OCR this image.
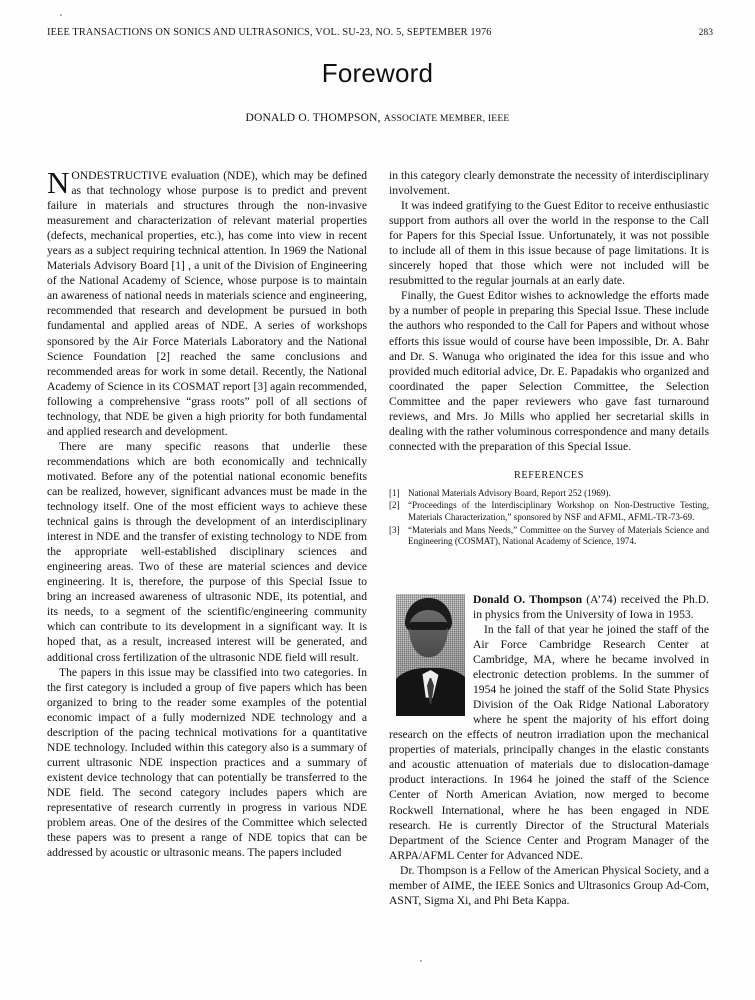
IEEE TRANSACTIONS ON SONICS AND ULTRASONICS, VOL. SU-23, NO. 5, SEPTEMBER 1976	283
Foreword
DONALD O. THOMPSON, ASSOCIATE MEMBER, IEEE

NONDESTRUCTIVE evaluation (NDE), which may be defined as that technology whose purpose is to predict and prevent failure in materials and structures through the non-invasive measurement and characterization of relevant material properties (defects, mechanical properties, etc.), has come into view in recent years as a subject requiring technical attention. In 1969 the National Materials Advisory Board [1] , a unit of the Division of Engineering of the National Academy of Science, whose purpose is to maintain an awareness of national needs in materials science and engineering, recommended that research and development be pursued in both fundamental and applied areas of NDE. A series of workshops sponsored by the Air Force Materials Laboratory and the National Science Foundation [2] reached the same conclusions and recommended areas for work in some detail. Recently, the National Academy of Science in its COSMAT report [3] again recommended, following a comprehensive “grass roots” poll of all sections of technology, that NDE be given a high priority for both fundamental and applied research and development.

There are many specific reasons that underlie these recommendations which are both economically and technically motivated. Before any of the potential national economic benefits can be realized, however, significant advances must be made in the technology itself. One of the most efficient ways to achieve these technical gains is through the development of an interdisciplinary interest in NDE and the transfer of existing technology to NDE from the appropriate well-established disciplinary sciences and engineering areas. Two of these are material sciences and device engineering. It is, therefore, the purpose of this Special Issue to bring an increased awareness of ultrasonic NDE, its potential, and its needs, to a segment of the scientific/engineering community which can contribute to its development in a significant way. It is hoped that, as a result, increased interest will be generated, and additional cross fertilization of the ultrasonic NDE field will result.

The papers in this issue may be classified into two categories. In the first category is included a group of five papers which has been organized to bring to the reader some examples of the potential economic impact of a fully modernized NDE technology and a description of the pacing technical motivations for a quantitative NDE technology. Included within this category also is a summary of current ultrasonic NDE inspection practices and a summary of existent device technology that can potentially be transferred to the NDE field. The second category includes papers which are representative of research currently in progress in various NDE problem areas. One of the desires of the Committee which selected these papers was to present a range of NDE topics that can be addressed by acoustic or ultrasonic means. The papers included

in this category clearly demonstrate the necessity of interdisciplinary involvement.

It was indeed gratifying to the Guest Editor to receive enthusiastic support from authors all over the world in the response to the Call for Papers for this Special Issue. Unfortunately, it was not possible to include all of them in this issue because of page limitations. It is sincerely hoped that those which were not included will be resubmitted to the regular journals at an early date.

Finally, the Guest Editor wishes to acknowledge the efforts made by a number of people in preparing this Special Issue. These include the authors who responded to the Call for Papers and without whose efforts this issue would of course have been impossible, Dr. A. Bahr and Dr. S. Wanuga who originated the idea for this issue and who provided much editorial advice, Dr. E. Papadakis who organized and coordinated the paper Selection Committee, the Selection Committee and the paper reviewers who gave fast turnaround reviews, and Mrs. Jo Mills who applied her secretarial skills in dealing with the rather voluminous correspondence and many details connected with the preparation of this Special Issue.

REFERENCES
[1] National Materials Advisory Board, Report 252 (1969).
[2] “Proceedings of the Interdisciplinary Workshop on Non-Destructive Testing, Materials Characterization,” sponsored by NSF and AFML, AFML-TR-73-69.
[3] “Materials and Mans Needs,” Committee on the Survey of Materials Science and Engineering (COSMAT), National Academy of Science, 1974.

Donald O. Thompson (A’74) received the Ph.D. in physics from the University of Iowa in 1953.

In the fall of that year he joined the staff of the Air Force Cambridge Research Center at Cambridge, MA, where he became involved in electronic detection problems. In the summer of 1954 he joined the staff of the Solid State Physics Division of the Oak Ridge National Laboratory where he spent the majority of his effort doing research on the effects of neutron irradiation upon the mechanical properties of materials, principally changes in the elastic constants and acoustic attenuation of materials due to dislocation-damage product interactions. In 1964 he joined the staff of the Science Center of North American Aviation, now merged to become Rockwell International, where he has been engaged in NDE research. He is currently Director of the Structural Materials Department of the Science Center and Program Manager of the ARPA/AFML Center for Advanced NDE.

Dr. Thompson is a Fellow of the American Physical Society, and a member of AIME, the IEEE Sonics and Ultrasonics Group Ad-Com, ASNT, Sigma Xi, and Phi Beta Kappa.
